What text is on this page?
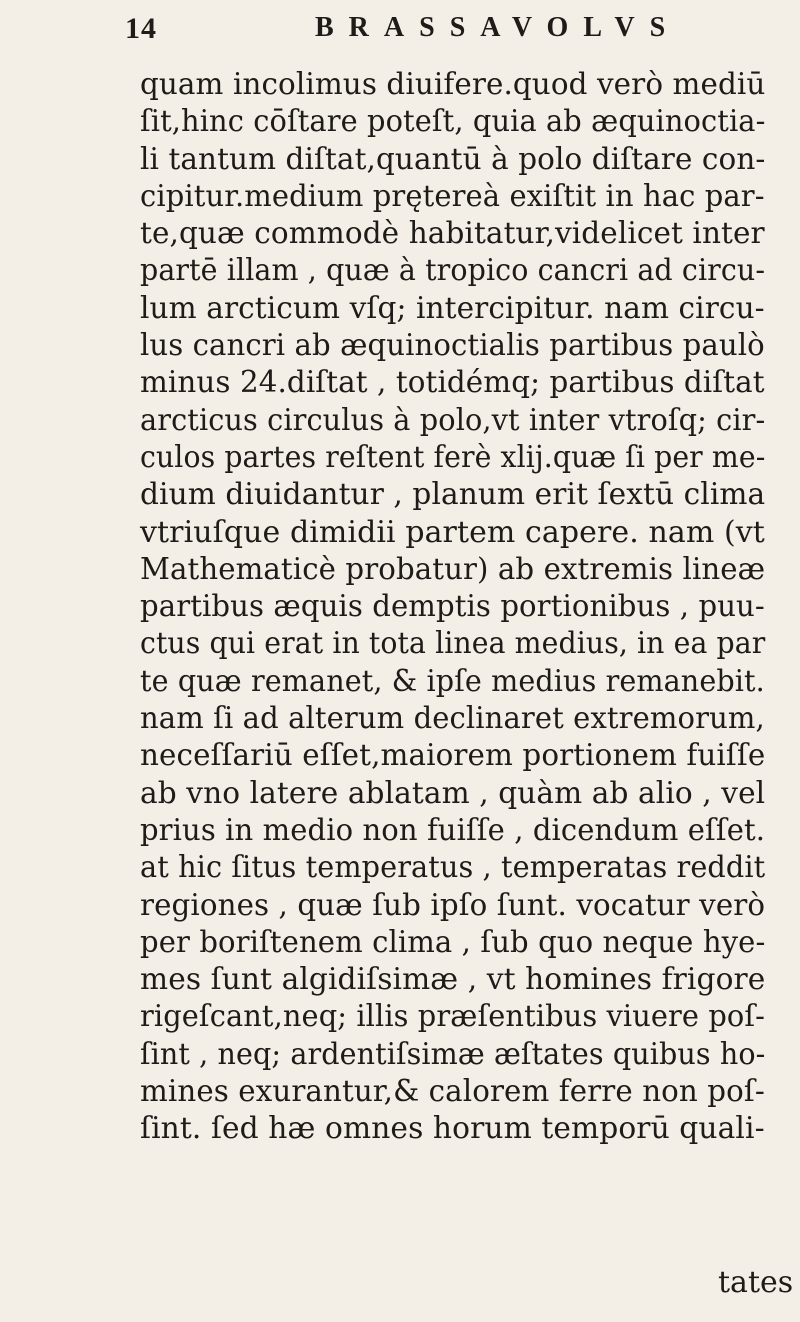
14	BRASSAVOLVS
quam incolimus diuifere.quod verò mediū
ſit,hinc cōſtare poteſt, quia ab æquinoctia-
li tantum diſtat,quantū à polo diſtare con-
cipitur.medium prętereà exiſtit in hac par-
te,quæ commodè habitatur,videlicet inter
partē illam , quæ à tropico cancri ad circu-
lum arcticum vſq; intercipitur. nam circu-
lus cancri ab æquinoctialis partibus paulò
minus 24.diſtat , totidémq; partibus diſtat
arcticus circulus à polo,vt inter vtroſq; cir-
culos partes reſtent ferè xlij.quæ ſi per me-
dium diuidantur , planum erit ſextū clima
vtriuſque dimidii partem capere. nam (vt
Mathematicè probatur) ab extremis lineæ
partibus æquis demptis portionibus , puu-
ctus qui erat in tota linea medius, in ea par
te quæ remanet, & ipſe medius remanebit.
nam ſi ad alterum declinaret extremorum,
neceſſariū eſſet,maiorem portionem fuiſſe
ab vno latere ablatam , quàm ab alio , vel
prius in medio non fuiſſe , dicendum eſſet.
at hic ſitus temperatus , temperatas reddit
regiones , quæ ſub ipſo ſunt. vocatur verò
per boriſtenem clima , ſub quo neque hye-
mes ſunt algidiſsimæ , vt homines frigore
rigeſcant,neq; illis præſentibus viuere poſ-
ſint , neq; ardentiſsimæ æſtates quibus ho-
mines exurantur,& calorem ferre non poſ-
ſint. ſed hæ omnes horum temporū quali-
tates
